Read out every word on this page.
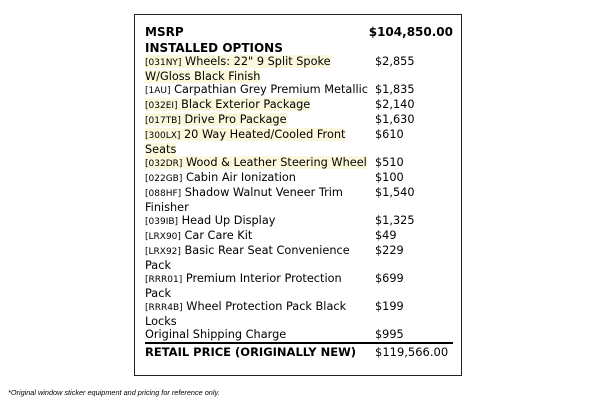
MSRP	$104,850.00
INSTALLED OPTIONS
[031NY] Wheels: 22" 9 Split Spoke W/Gloss Black Finish
$2,855
[1AU] Carpathian Grey Premium Metallic $1,835
[032EI] Black Exterior Package	$2,140
[017TB] Drive Pro Package	$1,630
[300LX] 20 Way Heated/Cooled Front Seats
$610
[032DR] Wood & Leather Steering Wheel $510
[022GB] Cabin Air Ionization	$100
[088HF] Shadow Walnut Veneer Trim Finisher
$1,540
[039IB] Head Up Display	$1,325
[LRX90] Car Care Kit	$49
[LRX92] Basic Rear Seat Convenience Pack
$229
[RRR01] Premium Interior Protection Pack
$699
[RRR4B] Wheel Protection Pack Black Locks
$199
Original Shipping Charge	$995
RETAIL PRICE (ORIGINALLY NEW)	$119,566.00
*Original window sticker equipment and pricing for reference only.
